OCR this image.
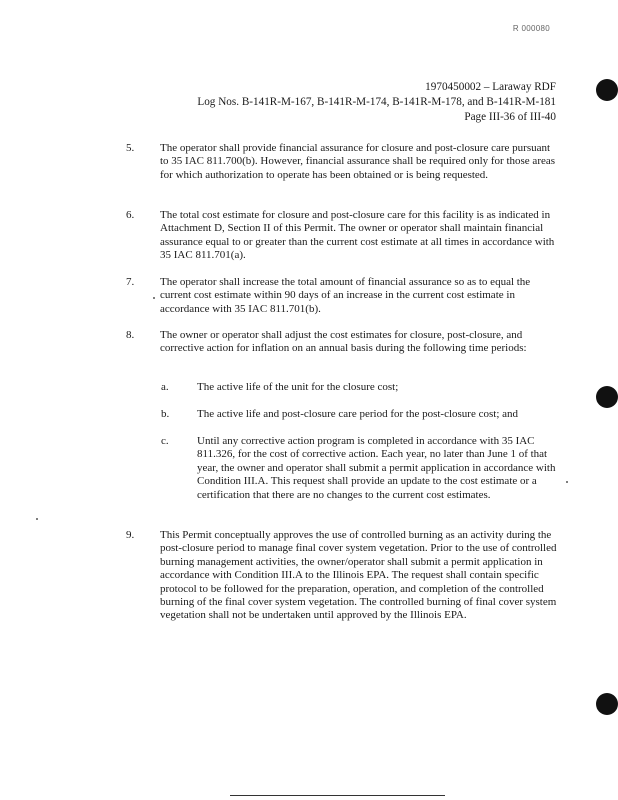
R 000080
1970450002 – Laraway RDF
Log Nos. B-141R-M-167, B-141R-M-174, B-141R-M-178, and B-141R-M-181
Page III-36 of III-40
5. The operator shall provide financial assurance for closure and post-closure care pursuant to 35 IAC 811.700(b). However, financial assurance shall be required only for those areas for which authorization to operate has been obtained or is being requested.
6. The total cost estimate for closure and post-closure care for this facility is as indicated in Attachment D, Section II of this Permit. The owner or operator shall maintain financial assurance equal to or greater than the current cost estimate at all times in accordance with 35 IAC 811.701(a).
7. The operator shall increase the total amount of financial assurance so as to equal the current cost estimate within 90 days of an increase in the current cost estimate in accordance with 35 IAC 811.701(b).
8. The owner or operator shall adjust the cost estimates for closure, post-closure, and corrective action for inflation on an annual basis during the following time periods:
a.	The active life of the unit for the closure cost;
b.	The active life and post-closure care period for the post-closure cost; and
c.	Until any corrective action program is completed in accordance with 35 IAC 811.326, for the cost of corrective action. Each year, no later than June 1 of that year, the owner and operator shall submit a permit application in accordance with Condition III.A. This request shall provide an update to the cost estimate or a certification that there are no changes to the current cost estimates.
9. This Permit conceptually approves the use of controlled burning as an activity during the post-closure period to manage final cover system vegetation. Prior to the use of controlled burning management activities, the owner/operator shall submit a permit application in accordance with Condition III.A to the Illinois EPA. The request shall contain specific protocol to be followed for the preparation, operation, and completion of the controlled burning of the final cover system vegetation. The controlled burning of final cover system vegetation shall not be undertaken until approved by the Illinois EPA.
